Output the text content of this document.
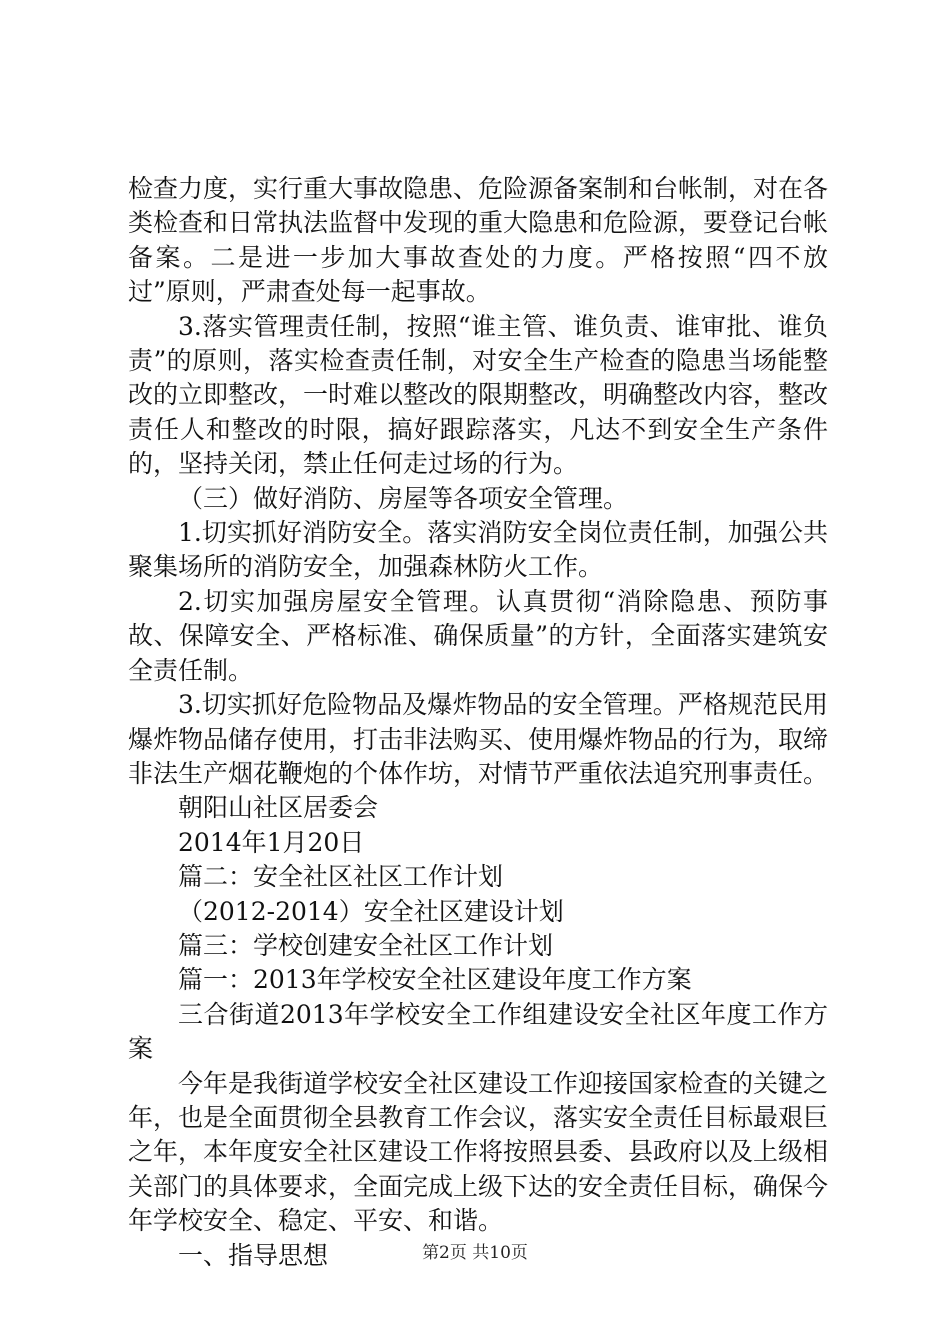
检查力度，实行重大事故隐患、危险源备案制和台帐制，对在各类检查和日常执法监督中发现的重大隐患和危险源，要登记台帐备案。二是进一步加大事故查处的力度。严格按照“四不放过”原则，严肃查处每一起事故。

3.落实管理责任制，按照“谁主管、谁负责、谁审批、谁负责”的原则，落实检查责任制，对安全生产检查的隐患当场能整改的立即整改，一时难以整改的限期整改，明确整改内容，整改责任人和整改的时限，搞好跟踪落实，凡达不到安全生产条件的，坚持关闭，禁止任何走过场的行为。

（三）做好消防、房屋等各项安全管理。

1.切实抓好消防安全。落实消防安全岗位责任制，加强公共聚集场所的消防安全，加强森林防火工作。

2.切实加强房屋安全管理。认真贯彻“消除隐患、预防事故、保障安全、严格标准、确保质量”的方针，全面落实建筑安全责任制。

3.切实抓好危险物品及爆炸物品的安全管理。严格规范民用爆炸物品储存使用，打击非法购买、使用爆炸物品的行为，取缔非法生产烟花鞭炮的个体作坊，对情节严重依法追究刑事责任。

朝阳山社区居委会

2014年1月20日

篇二：安全社区社区工作计划

（2012-2014）安全社区建设计划

篇三：学校创建安全社区工作计划

篇一：2013年学校安全社区建设年度工作方案

三合街道2013年学校安全工作组建设安全社区年度工作方案

今年是我街道学校安全社区建设工作迎接国家检查的关键之年，也是全面贯彻全县教育工作会议，落实安全责任目标最艰巨之年，本年度安全社区建设工作将按照县委、县政府以及上级相关部门的具体要求，全面完成上级下达的安全责任目标，确保今年学校安全、稳定、平安、和谐。

一、指导思想	第2页 共10页
